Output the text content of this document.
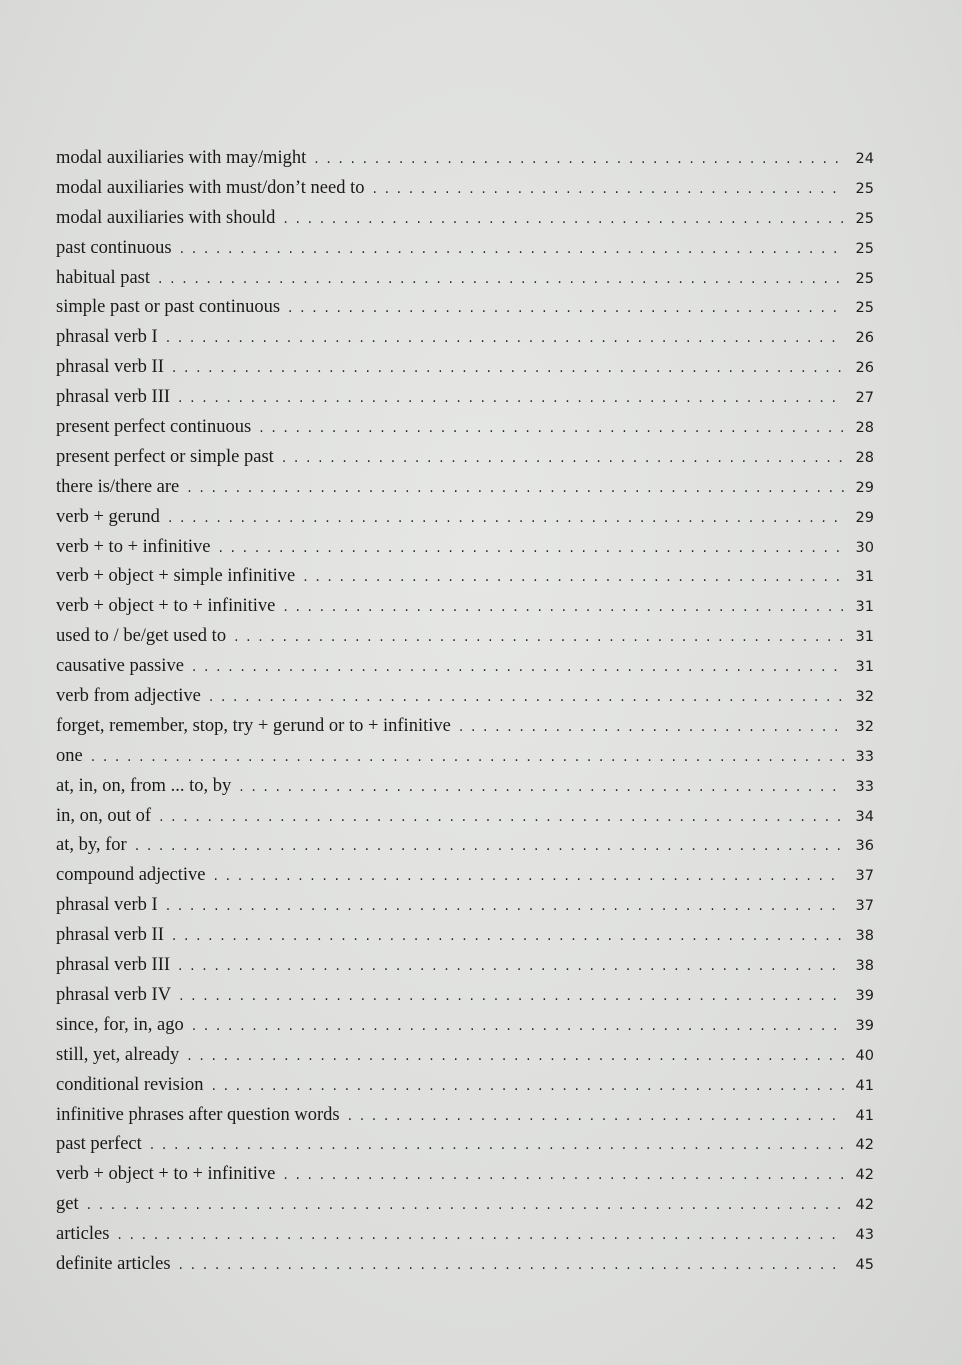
modal auxiliaries with may/might . . .	24
modal auxiliaries with must/don’t need to . . .	25
modal auxiliaries with should . . .	25
past continuous . . .	25
habitual past . . .	25
simple past or past continuous . . .	25
phrasal verb I . . .	26
phrasal verb II . . .	26
phrasal verb III . . .	27
present perfect continuous . . .	28
present perfect or simple past . . .	28
there is/there are . . .	29
verb + gerund . . .	29
verb + to + infinitive . . .	30
verb + object + simple infinitive . . .	31
verb + object + to + infinitive . . .	31
used to / be/get used to . . .	31
causative passive . . .	31
verb from adjective . . .	32
forget, remember, stop, try + gerund or to + infinitive . . .	32
one . . .	33
at, in, on, from ... to, by . . .	33
in, on, out of . . .	34
at, by, for . . .	36
compound adjective . . .	37
phrasal verb I . . .	37
phrasal verb II . . .	38
phrasal verb III . . .	38
phrasal verb IV . . .	39
since, for, in, ago . . .	39
still, yet, already . . .	40
conditional revision . . .	41
infinitive phrases after question words . . .	41
past perfect . . .	42
verb + object + to + infinitive . . .	42
get . . .	42
articles . . .	43
definite articles . . .	45
